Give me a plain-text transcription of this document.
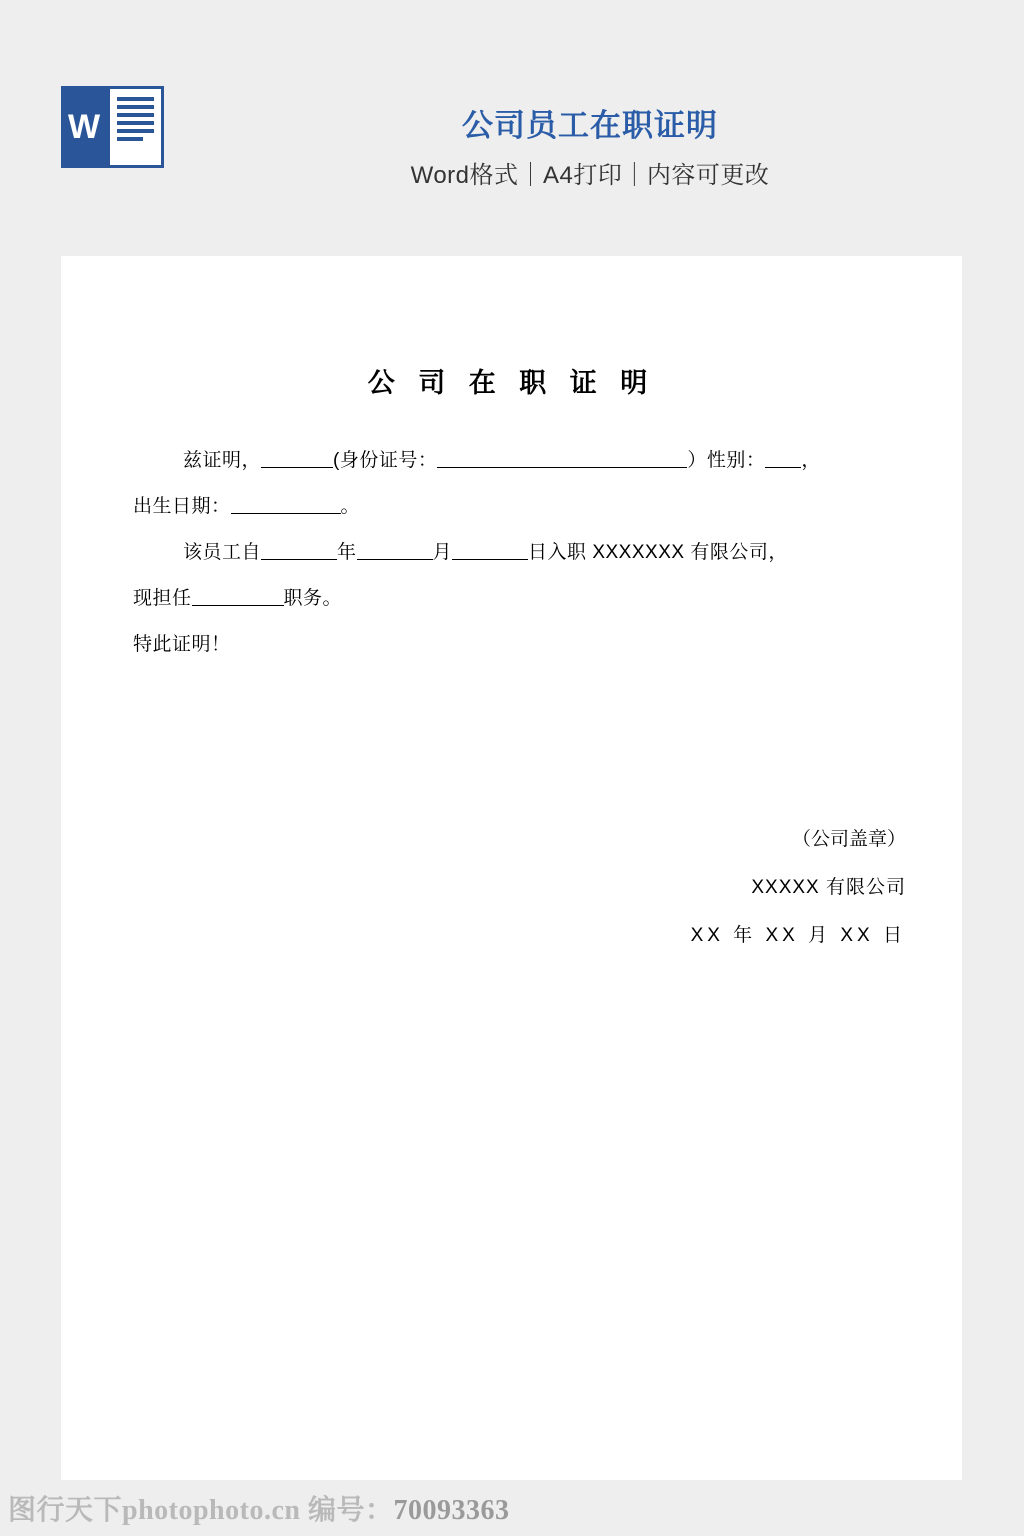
W	公司员工在职证明
Word格式｜A4打印｜内容可更改
公 司 在 职 证 明

兹证明，	(身份证号：	）性别： ，

出生日期：	。

该员工自	年	月	日入职 XXXXXXX 有限公司，

现担任	职务。

特此证明！

（公司盖章）

XXXXX 有限公司

XX 年 XX 月 XX 日

图行天下photophoto.cn 编号：70093363
